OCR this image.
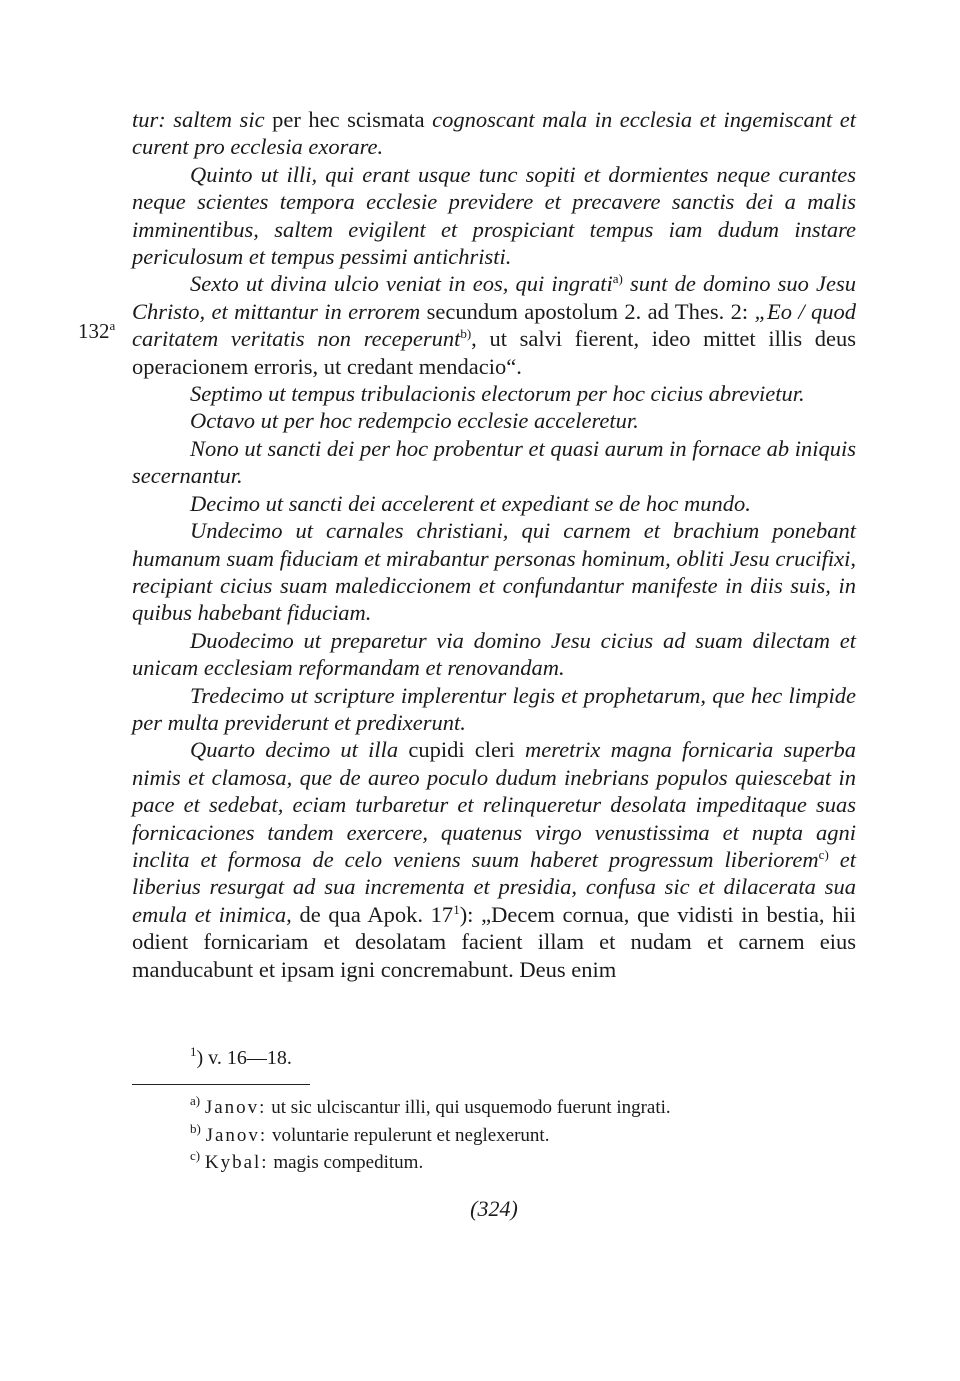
132$^a$

tur: saltem sic per hec scismata cognoscant mala in ecclesia et ingemiscant et curent pro ecclesia exorare.

Quinto ut illi, qui erant usque tunc sopiti et dormientes neque curantes neque scientes tempora ecclesie previdere et precavere sanctis dei a malis imminentibus, saltem evigilent et prospiciant tempus iam dudum instare periculosum et tempus pessimi antichristi.

Sexto ut divina ulcio veniat in eos, qui ingrati$^{a)}$ sunt de domino suo Jesu Christo, et mittantur in errorem secundum apostolum 2. ad Thes. 2: „Eo / quod caritatem veritatis non receperunt$^{b)}$, ut salvi fierent, ideo mittet illis deus operacionem erroris, ut credant mendacio“.

Septimo ut tempus tribulacionis electorum per hoc cicius abrevietur.

Octavo ut per hoc redempcio ecclesie acceleretur.

Nono ut sancti dei per hoc probentur et quasi aurum in fornace ab iniquis secernantur.

Decimo ut sancti dei accelerent et expediant se de hoc mundo.

Undecimo ut carnales christiani, qui carnem et brachium ponebant humanum suam fiduciam et mirabantur personas hominum, obliti Jesu crucifixi, recipiant cicius suam malediccionem et confundantur manifeste in diis suis, in quibus habebant fiduciam.

Duodecimo ut preparetur via domino Jesu cicius ad suam dilectam et unicam ecclesiam reformandam et renovandam.

Tredecimo ut scripture implerentur legis et prophetarum, que hec limpide per multa previderunt et predixerunt.

Quarto decimo ut illa cupidi cleri meretrix magna fornicaria superba nimis et clamosa, que de aureo poculo dudum inebrians populos quiescebat in pace et sedebat, eciam turbaretur et relinqueretur desolata impeditaque suas fornicaciones tandem exercere, quatenus virgo venustissima et nupta agni inclita et formosa de celo veniens suum haberet progressum liberiorem$^{c)}$ et liberius resurgat ad sua incrementa et presidia, confusa sic et dilacerata sua emula et inimica, de qua Apok. $17^1$): „Decem cornua, que vidisti in bestia, hii odient fornicariam et desolatam facient illam et nudam et carnem eius manducabunt et ipsam igni concremabunt. Deus enim

$^1$) v. 16—18.
$^{a)}$ Janov: ut sic ulciscantur illi, qui usquemodo fuerunt ingrati.
$^{b)}$ Janov: voluntarie repulerunt et neglexerunt.
$^{c)}$ Kybal: magis compeditum.
(324)
